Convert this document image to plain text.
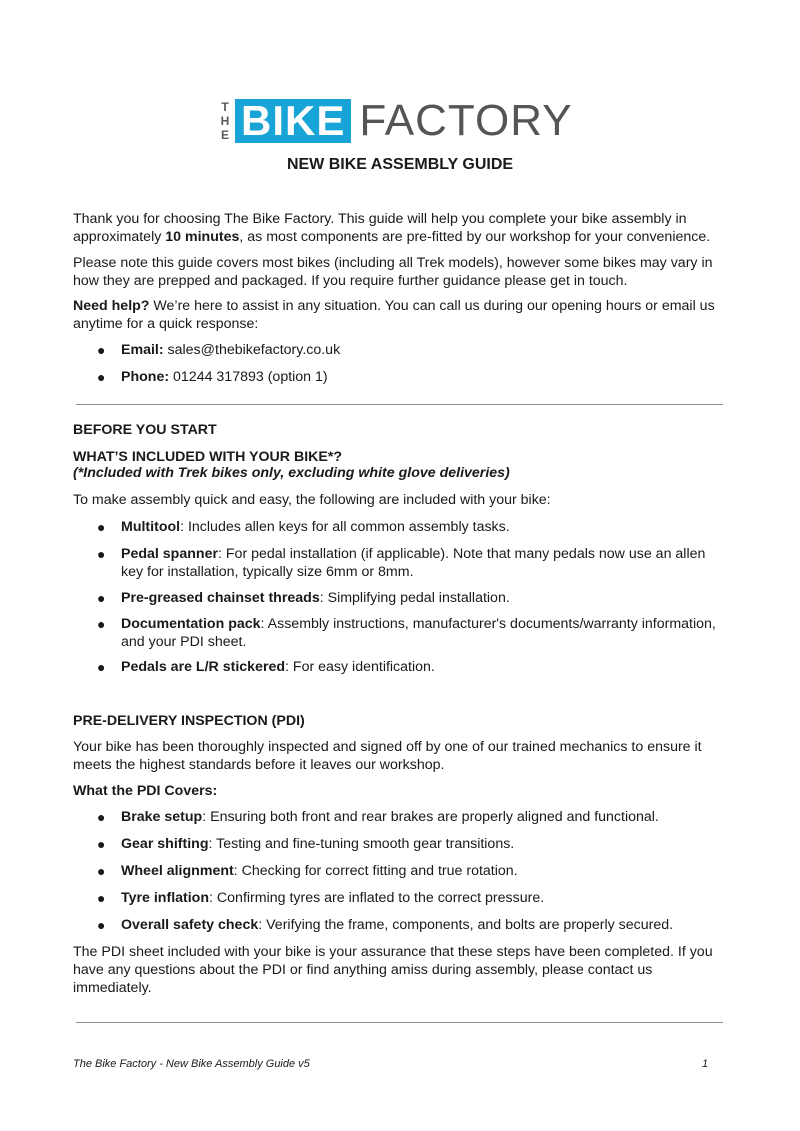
T
H
E BIKE FACTORY
NEW BIKE ASSEMBLY GUIDE

Thank you for choosing The Bike Factory. This guide will help you complete your bike assembly in approximately 10 minutes, as most components are pre-fitted by our workshop for your convenience.

Please note this guide covers most bikes (including all Trek models), however some bikes may vary in how they are prepped and packaged. If you require further guidance please get in touch.

Need help? We’re here to assist in any situation. You can call us during our opening hours or email us anytime for a quick response:

● Email: sales@thebikefactory.co.uk

● Phone: 01244 317893 (option 1)

BEFORE YOU START
WHAT’S INCLUDED WITH YOUR BIKE*?
(*Included with Trek bikes only, excluding white glove deliveries)

To make assembly quick and easy, the following are included with your bike:

● Multitool: Includes allen keys for all common assembly tasks.

● Pedal spanner: For pedal installation (if applicable). Note that many pedals now use an allen key for installation, typically size 6mm or 8mm.

● Pre-greased chainset threads: Simplifying pedal installation.

● Documentation pack: Assembly instructions, manufacturer's documents/warranty information, and your PDI sheet.

● Pedals are L/R stickered: For easy identification.

PRE-DELIVERY INSPECTION (PDI)

Your bike has been thoroughly inspected and signed off by one of our trained mechanics to ensure it meets the highest standards before it leaves our workshop.

What the PDI Covers:
● Brake setup: Ensuring both front and rear brakes are properly aligned and functional.

● Gear shifting: Testing and fine-tuning smooth gear transitions.

● Wheel alignment: Checking for correct fitting and true rotation.

● Tyre inflation: Confirming tyres are inflated to the correct pressure.

● Overall safety check: Verifying the frame, components, and bolts are properly secured.

The PDI sheet included with your bike is your assurance that these steps have been completed. If you have any questions about the PDI or find anything amiss during assembly, please contact us immediately.

The Bike Factory - New Bike Assembly Guide v5	1
